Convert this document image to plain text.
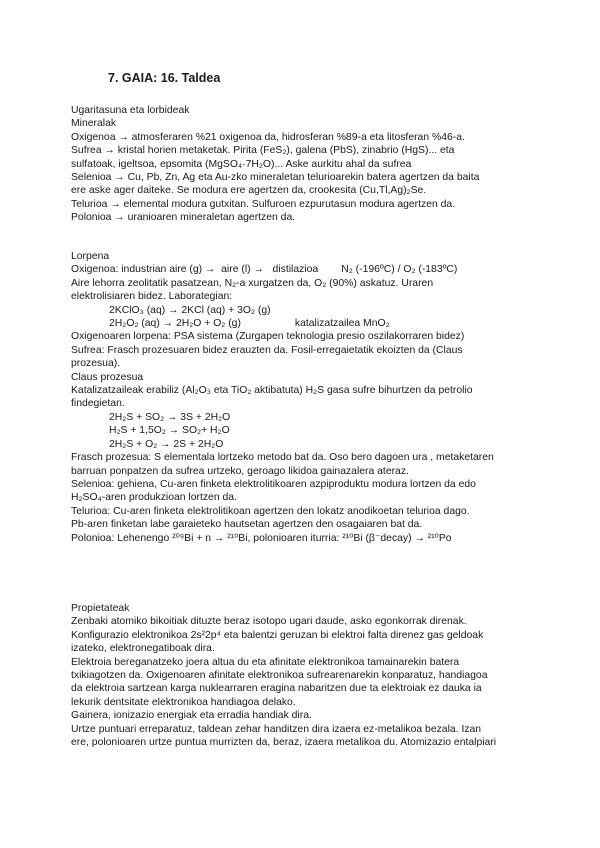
7. GAIA: 16. Taldea
Ugaritasuna eta lorbideak
Mineralak
Oxigenoa → atmosferaren %21 oxigenoa da, hidrosferan %89-a eta litosferan %46-a.
Sufrea → kristal horien metaketak. Pirita (FeS₂), galena (PbS), zinabrio (HgS)... eta
sulfatoak, igeltsoa, epsomita (MgSO₄·7H₂O)... Aske aurkitu ahal da sufrea
Selenioa → Cu, Pb, Zn, Ag eta Au-zko mineraletan telurioarekin batera agertzen da baita
ere aske ager daiteke. Se modura ere agertzen da, crookesita (Cu,Tl,Ag)₂Se.
Telurioa → elemental modura gutxitan. Sulfuroen ezpurutasun modura agertzen da.
Polonioa → uranioaren mineraletan agertzen da.
Lorpena
Oxigenoa: industrian aire (g) →  aire (l) →   distilazioa        N₂ (-196ºC) / O₂ (-183ºC)
Aire lehorra zeolitatik pasatzean, N₂-a xurgatzen da, O₂ (90%) askatuz. Uraren
elektrolisiaren bidez. Laborategian:
2KClO₃ (aq) → 2KCl (aq) + 3O₂ (g)
2H₂O₂ (aq) → 2H₂O + O₂ (g)	katalizatzailea MnO₂
Oxigenoaren lorpena: PSA sistema (Zurgapen teknologia presio oszilakorraren bidez)
Sufrea: Frasch prozesuaren bidez erauzten da. Fosil-erregaietatik ekoizten da (Claus
prozesua).
Claus prozesua
Katalizatzaileak erabiliz (Al₂O₃ eta TiO₂ aktibatuta) H₂S gasa sufre bihurtzen da petrolio
findegietan.
2H₂S + SO₂ → 3S + 2H₂O
H₂S + 1,5O₂ → SO₂+ H₂O
2H₂S + O₂ → 2S + 2H₂O
Frasch prozesua: S elementala lortzeko metodo bat da. Oso bero dagoen ura , metaketaren
barruan ponpatzen da sufrea urtzeko, geroago likidoa gainazalera ateraz.
Selenioa: gehiena, Cu-aren finketa elektrolitikoaren azpiproduktu modura lortzen da edo
H₂SO₄-aren produkzioan lortzen da.
Telurioa: Cu-aren finketa elektrolitikoan agertzen den lokatz anodikoetan telurioa dago.
Pb-aren finketan labe garaieteko hautsetan agertzen den osagaiaren bat da.
Polonioa: Lehenengo ²⁰⁹Bi + n → ²¹⁰Bi, polonioaren iturria: ²¹⁰Bi (β⁻decay) → ²¹⁰Po
Propietateak
Zenbaki atomiko bikoitiak dituzte beraz isotopo ugari daude, asko egonkorrak direnak.
Konfigurazio elektronikoa 2s²2p⁴ eta balentzi geruzan bi elektroi falta direnez gas geldoak
izateko, elektronegatiboak dira.
Elektroia bereganatzeko joera altua du eta afinitate elektronikoa tamainarekin batera
txikiagotzen da. Oxigenoaren afinitate elektronikoa sufrearenarekin konparatuz, handiagoa
da elektroia sartzean karga nuklearraren eragina nabaritzen due ta elektroiak ez dauka ia
lekurik dentsitate elektronikoa handiagoa delako.
Gainera, ionizazio energiak eta erradia handiak dira.
Urtze puntuari erreparatuz, taldean zehar handitzen dira izaera ez-metalikoa bezala. Izan
ere, polonioaren urtze puntua murrizten da, beraz, izaera metalikoa du. Atomizazio entalpiari
